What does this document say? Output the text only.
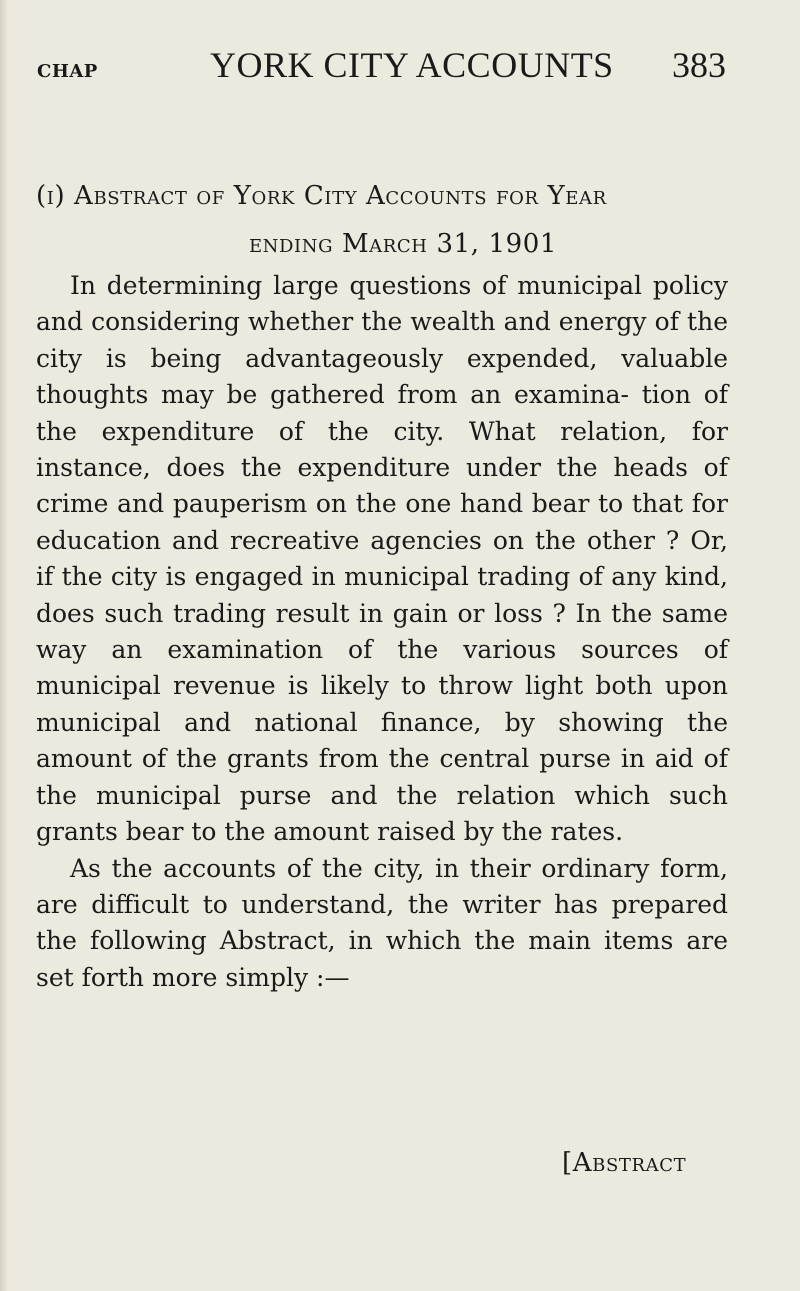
CHAP	YORK CITY ACCOUNTS 383
(i) Abstract of York City Accounts for Year
ending March 31, 1901

In determining large questions of municipal policy and considering whether the wealth and energy of the city is being advantageously expended, valuable thoughts may be gathered from an examina- tion of the expenditure of the city. What relation, for instance, does the expenditure under the heads of crime and pauperism on the one hand bear to that for education and recreative agencies on the other ? Or, if the city is engaged in municipal trading of any kind, does such trading result in gain or loss ? In the same way an examination of the various sources of municipal revenue is likely to throw light both upon municipal and national finance, by showing the amount of the grants from the central purse in aid of the municipal purse and the relation which such grants bear to the amount raised by the rates.

As the accounts of the city, in their ordinary form, are difficult to understand, the writer has prepared the following Abstract, in which the main items are set forth more simply :—

[Abstract
